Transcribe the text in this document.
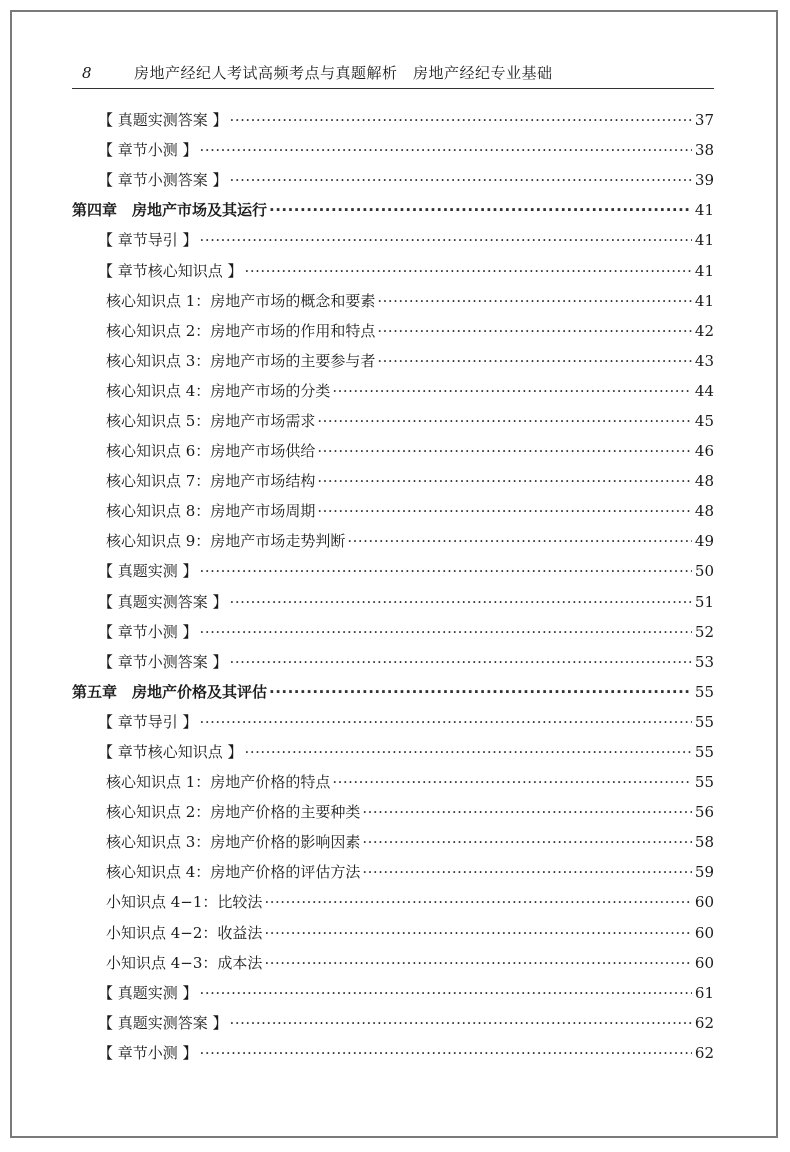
8	房地产经纪人考试高频考点与真题解析　房地产经纪专业基础
【 真题实测答案 】 ·····	37
【 章节小测 】 ·····	38
【 章节小测答案 】 ·····	39
第四章　房地产市场及其运行 ·····	41
【 章节导引 】 ·····	41
【 章节核心知识点 】 ·····	41
核心知识点 1：房地产市场的概念和要素 ·····	41
核心知识点 2：房地产市场的作用和特点 ·····	42
核心知识点 3：房地产市场的主要参与者 ·····	43
核心知识点 4：房地产市场的分类 ·····	44
核心知识点 5：房地产市场需求 ·····	45
核心知识点 6：房地产市场供给 ·····	46
核心知识点 7：房地产市场结构 ·····	48
核心知识点 8：房地产市场周期 ·····	48
核心知识点 9：房地产市场走势判断 ·····	49
【 真题实测 】 ·····	50
【 真题实测答案 】 ·····	51
【 章节小测 】 ·····	52
【 章节小测答案 】 ·····	53
第五章　房地产价格及其评估 ·····	55
【 章节导引 】 ·····	55
【 章节核心知识点 】 ·····	55
核心知识点 1：房地产价格的特点 ·····	55
核心知识点 2：房地产价格的主要种类 ·····	56
核心知识点 3：房地产价格的影响因素 ·····	58
核心知识点 4：房地产价格的评估方法 ·····	59
小知识点 4−1：比较法 ·····	60
小知识点 4−2：收益法 ·····	60
小知识点 4−3：成本法 ·····	60
【 真题实测 】 ·····	61
【 真题实测答案 】 ·····	62
【 章节小测 】 ·····	62
